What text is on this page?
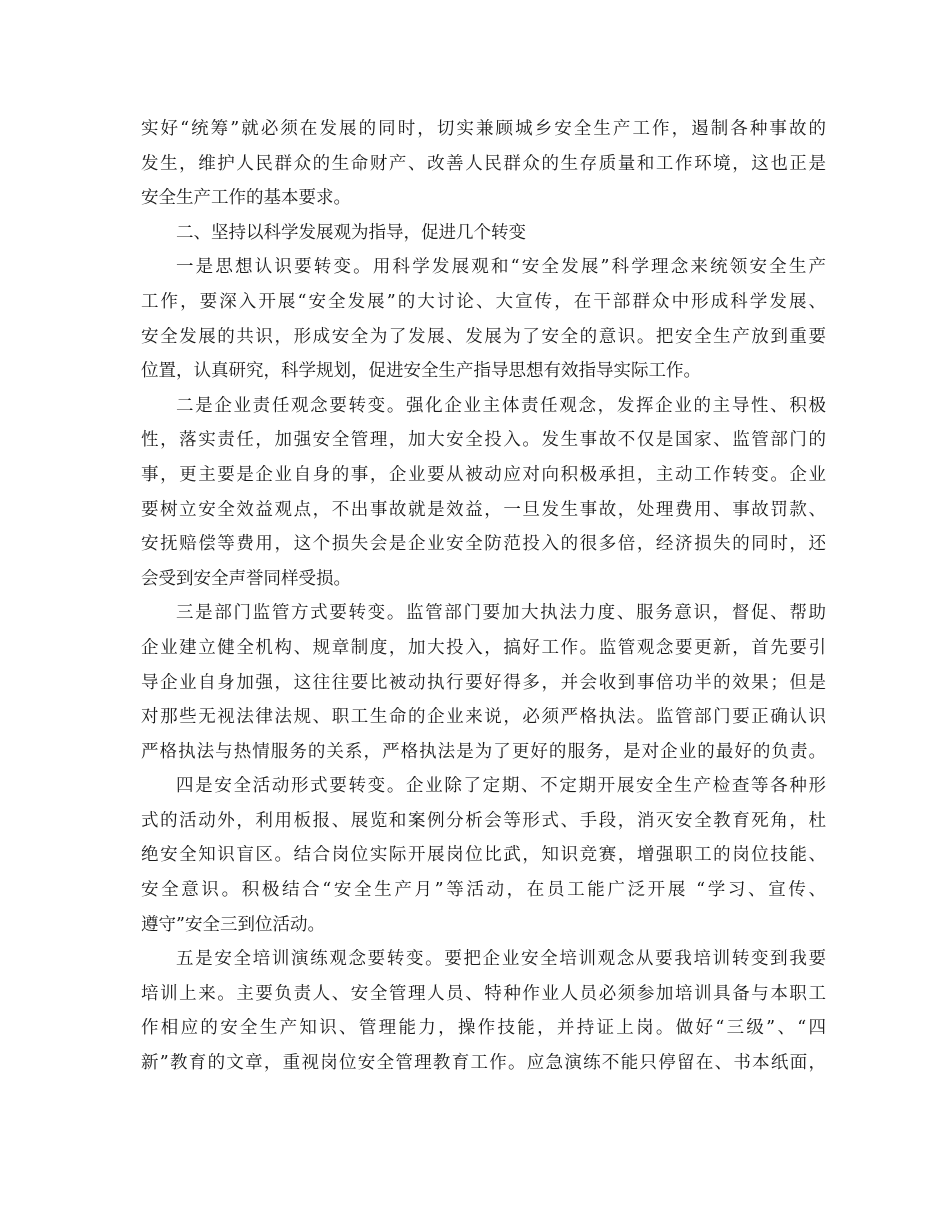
实好“统筹”就必须在发展的同时，切实兼顾城乡安全生产工作，遏制各种事故的
发生，维护人民群众的生命财产、改善人民群众的生存质量和工作环境，这也正是
安全生产工作的基本要求。
二、坚持以科学发展观为指导，促进几个转变
一是思想认识要转变。用科学发展观和“安全发展”科学理念来统领安全生产
工作，要深入开展“安全发展”的大讨论、大宣传，在干部群众中形成科学发展、
安全发展的共识，形成安全为了发展、发展为了安全的意识。把安全生产放到重要
位置，认真研究，科学规划，促进安全生产指导思想有效指导实际工作。
二是企业责任观念要转变。强化企业主体责任观念，发挥企业的主导性、积极
性，落实责任，加强安全管理，加大安全投入。发生事故不仅是国家、监管部门的
事，更主要是企业自身的事，企业要从被动应对向积极承担，主动工作转变。企业
要树立安全效益观点，不出事故就是效益，一旦发生事故，处理费用、事故罚款、
安抚赔偿等费用，这个损失会是企业安全防范投入的很多倍，经济损失的同时，还
会受到安全声誉同样受损。
三是部门监管方式要转变。监管部门要加大执法力度、服务意识，督促、帮助
企业建立健全机构、规章制度，加大投入，搞好工作。监管观念要更新，首先要引
导企业自身加强，这往往要比被动执行要好得多，并会收到事倍功半的效果；但是
对那些无视法律法规、职工生命的企业来说，必须严格执法。监管部门要正确认识
严格执法与热情服务的关系，严格执法是为了更好的服务，是对企业的最好的负责。
四是安全活动形式要转变。企业除了定期、不定期开展安全生产检查等各种形
式的活动外，利用板报、展览和案例分析会等形式、手段，消灭安全教育死角，杜
绝安全知识盲区。结合岗位实际开展岗位比武，知识竞赛，增强职工的岗位技能、
安全意识。积极结合“安全生产月”等活动，在员工能广泛开展 “学习、宣传、
遵守”安全三到位活动。
五是安全培训演练观念要转变。要把企业安全培训观念从要我培训转变到我要
培训上来。主要负责人、安全管理人员、特种作业人员必须参加培训具备与本职工
作相应的安全生产知识、管理能力，操作技能，并持证上岗。做好“三级”、“四
新”教育的文章，重视岗位安全管理教育工作。应急演练不能只停留在、书本纸面，
